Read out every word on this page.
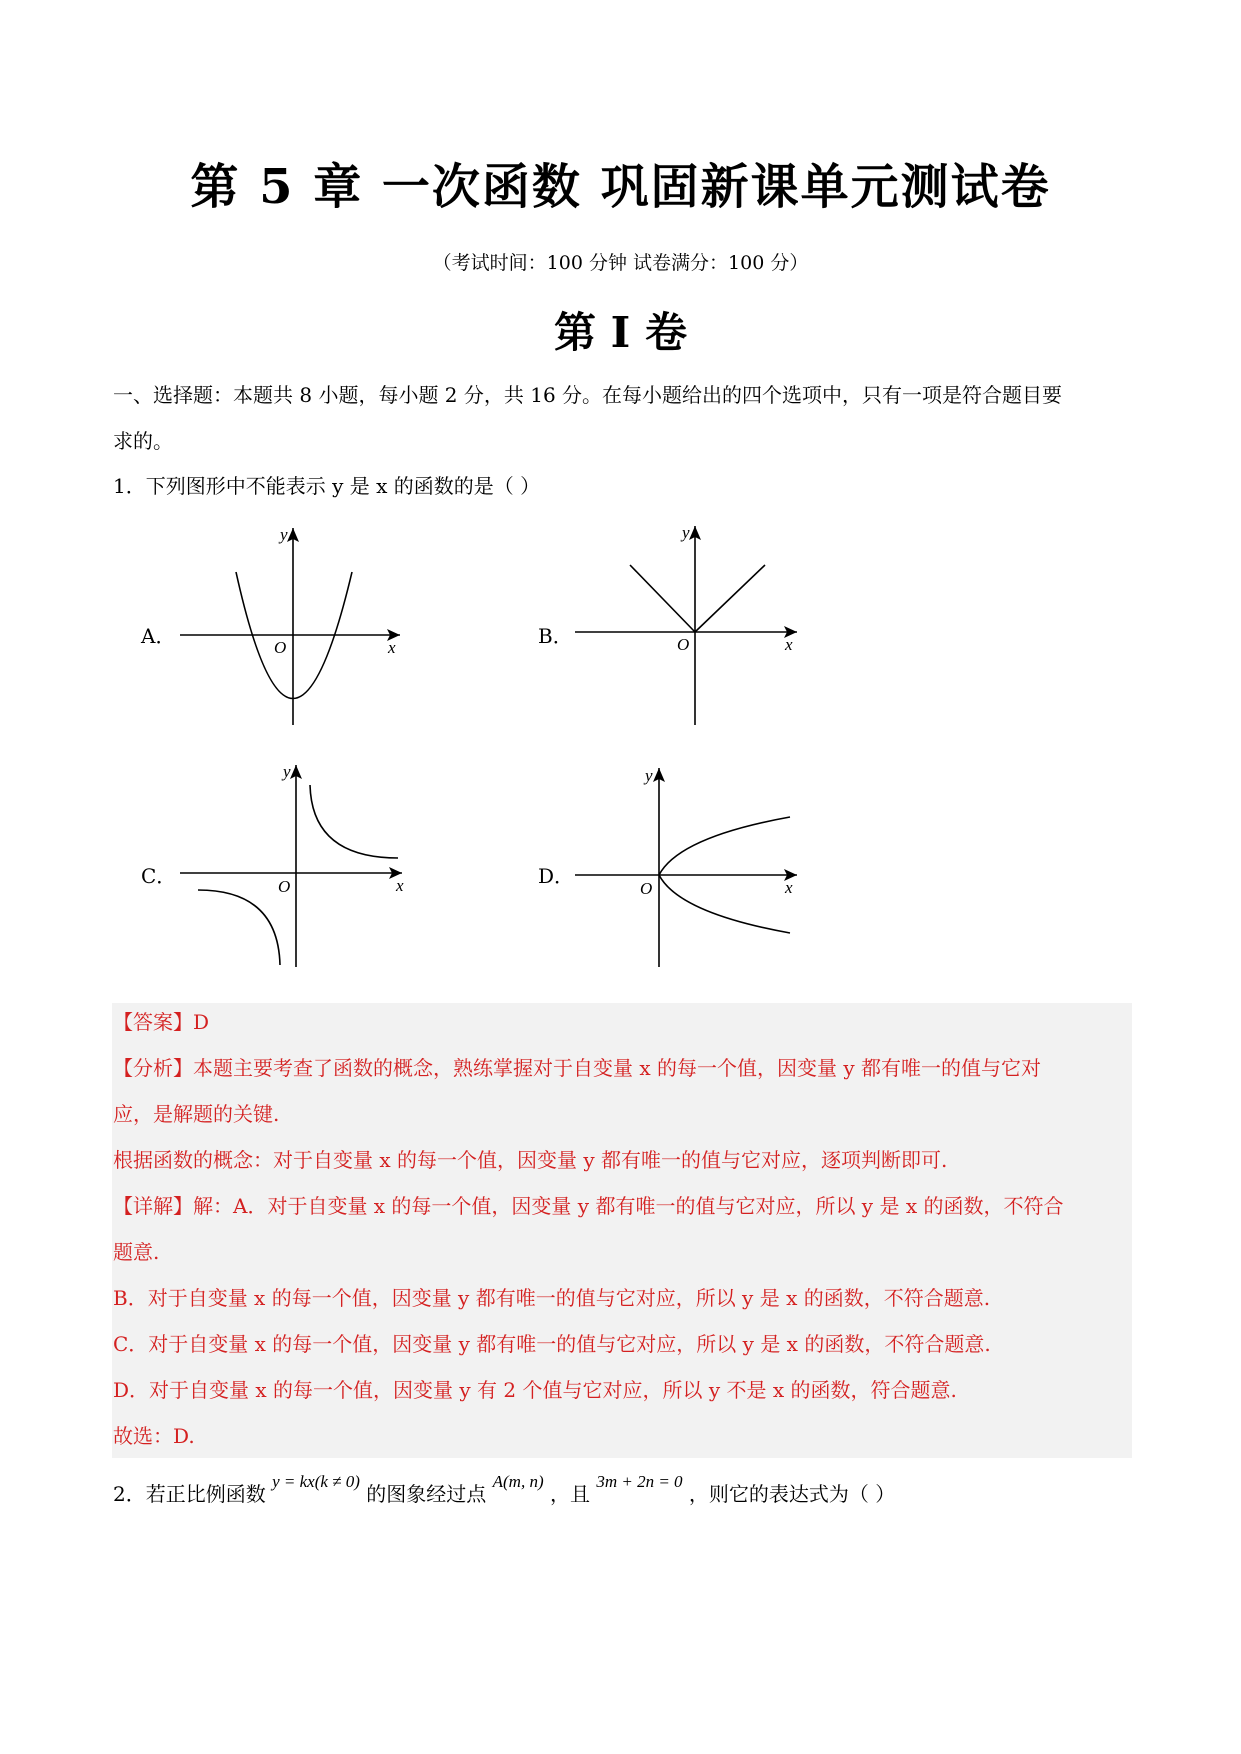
第 5 章 一次函数 巩固新课单元测试卷
（考试时间：100 分钟 试卷满分：100 分）
第 I 卷
一、选择题：本题共 8 小题，每小题 2 分，共 16 分。在每小题给出的四个选项中，只有一项是符合题目要
求的。
1．下列图形中不能表示 y 是 x 的函数的是（ ）
A．	B．
C．	D．
x
y
O	x
y
O
x
y
O	x
y
O
【答案】D
【分析】本题主要考查了函数的概念，熟练掌握对于自变量 x 的每一个值，因变量 y 都有唯一的值与它对
应，是解题的关键.
根据函数的概念：对于自变量 x 的每一个值，因变量 y 都有唯一的值与它对应，逐项判断即可.
【详解】解：A．对于自变量 x 的每一个值，因变量 y 都有唯一的值与它对应，所以 y 是 x 的函数，不符合
题意.
B．对于自变量 x 的每一个值，因变量 y 都有唯一的值与它对应，所以 y 是 x 的函数，不符合题意.
C．对于自变量 x 的每一个值，因变量 y 都有唯一的值与它对应，所以 y 是 x 的函数，不符合题意.
D．对于自变量 x 的每一个值，因变量 y 有 2 个值与它对应，所以 y 不是 x 的函数，符合题意.
故选：D.
2．若正比例函数 $^{y = kx(k \ne 0)}$ 的图象经过点 $^{A(m, n)}$ ，且 $^{3m + 2n = 0}$ ，则它的表达式为（ ）
